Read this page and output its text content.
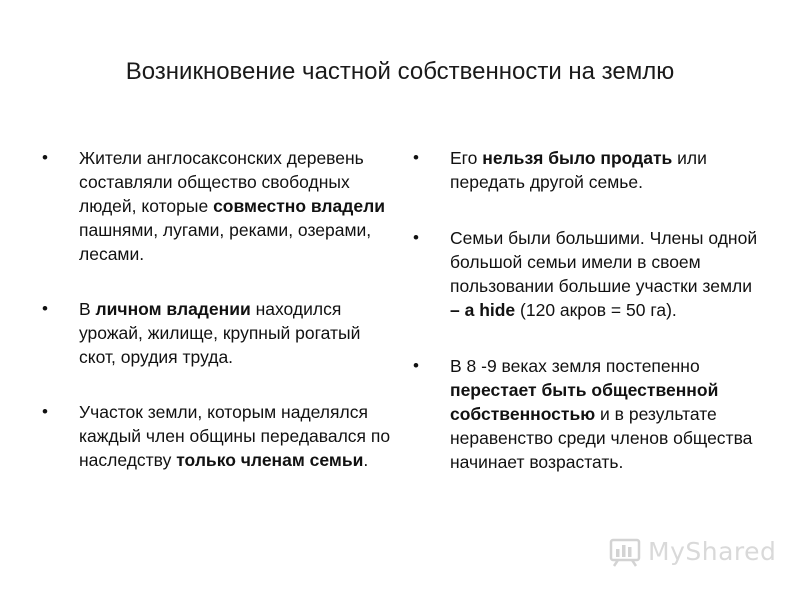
Возникновение частной собственности на землю
• Жители англосаксонских деревень составляли общество свободных людей, которые совместно владели пашнями, лугами, реками, озерами, лесами.
• В личном владении находился урожай, жилище, крупный рогатый скот, орудия труда.
• Участок земли, которым наделялся каждый член общины передавался по наследству только членам семьи.
• Его нельзя было продать или передать другой семье.
• Семьи были большими. Члены одной большой семьи имели в своем пользовании большие участки земли – a hide (120 акров = 50 га).
• В 8 -9 веках земля постепенно перестает быть общественной собственностью и в результате неравенство среди членов общества начинает возрастать.
MyShared
